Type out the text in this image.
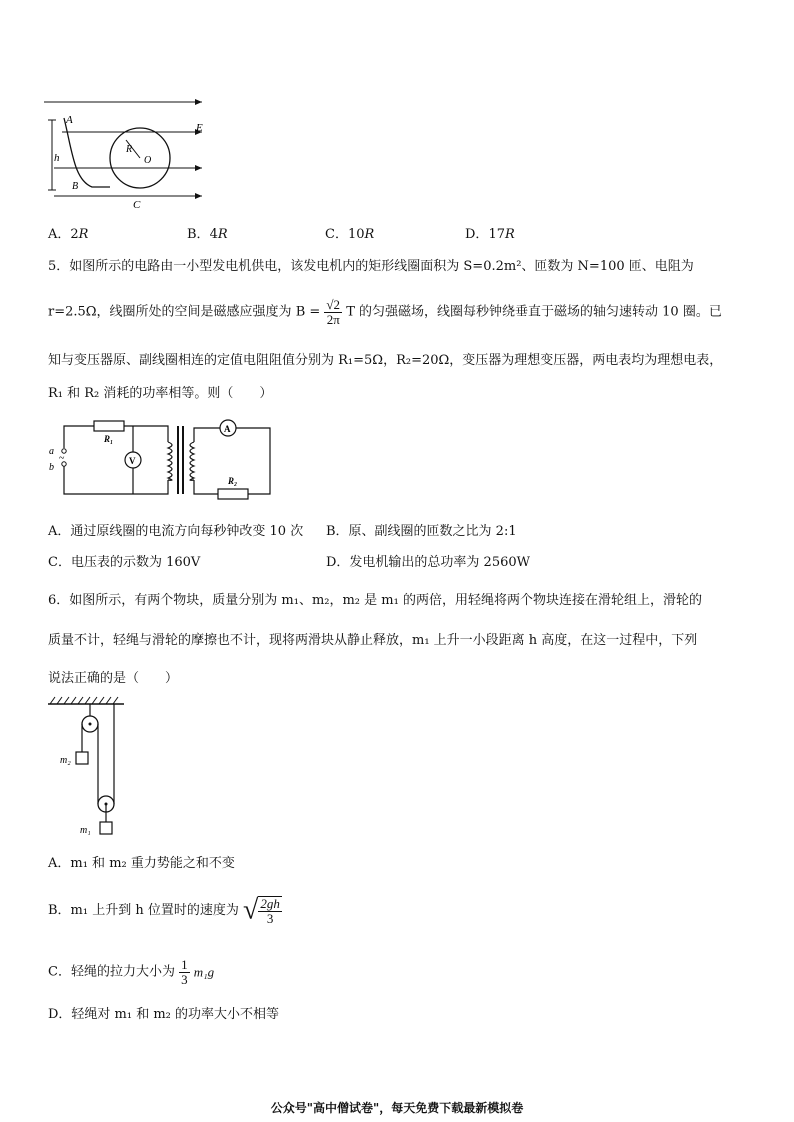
A
E
R
O
h
B
C
A．2R	B．4R	C．10R	D．17R
5．如图所示的电路由一小型发电机供电，该发电机内的矩形线圈面积为 S=0.2m²、匝数为 N=100 匝、电阻为
r=2.5Ω，线圈所处的空间是磁感应强度为 $B = \frac{√2}{2\pi}$ T 的匀强磁场，线圈每秒钟绕垂直于磁场的轴匀速转动 10 圈。已
知与变压器原、副线圈相连的定值电阻阻值分别为 R₁=5Ω，R₂=20Ω，变压器为理想变压器，两电表均为理想电表，
R₁ 和 R₂ 消耗的功率相等。则（　　）
R₁
V
A
R₂
a
~
b
A．通过原线圈的电流方向每秒钟改变 10 次 B．原、副线圈的匝数之比为 2:1
C．电压表的示数为 160V	D．发电机输出的总功率为 2560W
6．如图所示，有两个物块，质量分别为 m₁、m₂，m₂ 是 m₁ 的两倍，用轻绳将两个物块连接在滑轮组上，滑轮的
质量不计，轻绳与滑轮的摩擦也不计，现将两滑块从静止释放，m₁ 上升一小段距离 h 高度，在这一过程中，下列
说法正确的是（　　）
m₂
m₁
A．m₁ 和 m₂ 重力势能之和不变
B．m₁ 上升到 h 位置时的速度为 √ $\frac{2gh}{3}$
C．轻绳的拉力大小为 $\frac{1}{3} m_1g$
D．轻绳对 m₁ 和 m₂ 的功率大小不相等
公众号"高中僧试卷"，每天免费下载最新模拟卷
